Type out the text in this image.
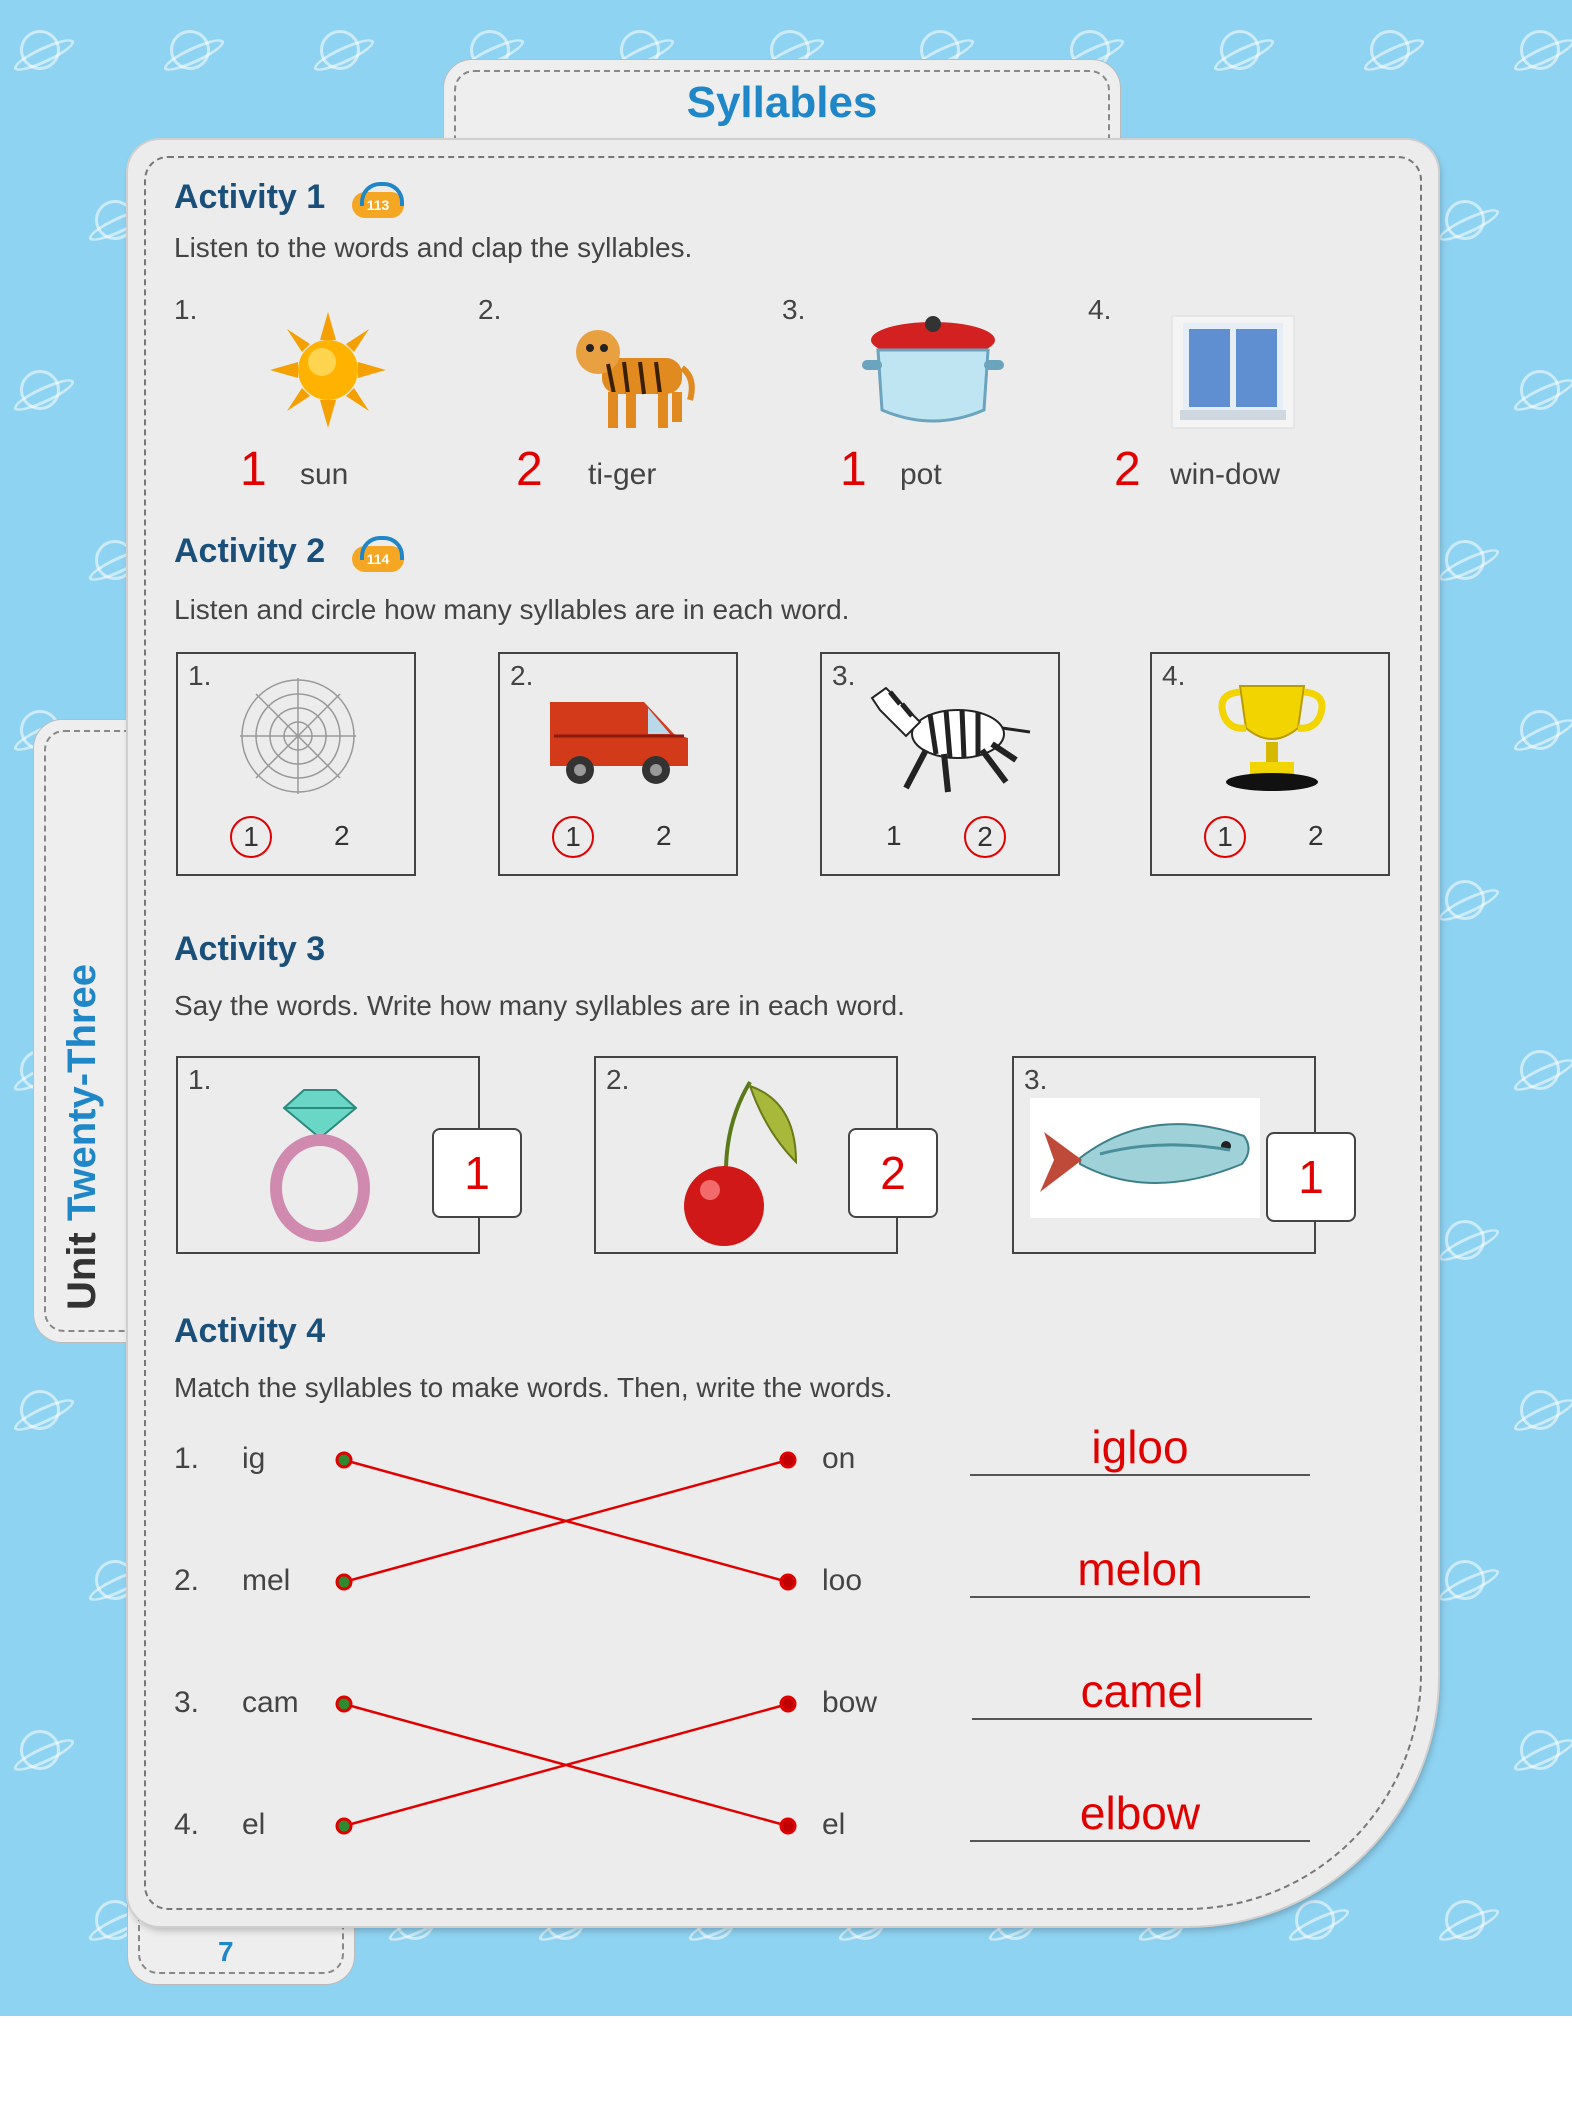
Syllables
Unit Twenty-Three
7
Activity 1	113
Listen to the words and clap the syllables.
1.	2.	3.	4.
1 sun	2 ti-ger	1 pot	2 win-dow
Activity 2	114
Listen and circle how many syllables are in each word.
1.
1	2
2.
1	2
3.
1	2
4.
1	2
Activity 3
Say the words. Write how many syllables are in each word.
1.
1
2.
2
3.
1
Activity 4
Match the syllables to make words. Then, write the words.
1. ig	on	igloo
2. mel	loo	melon
3. cam	bow	camel
4. el	el	elbow
